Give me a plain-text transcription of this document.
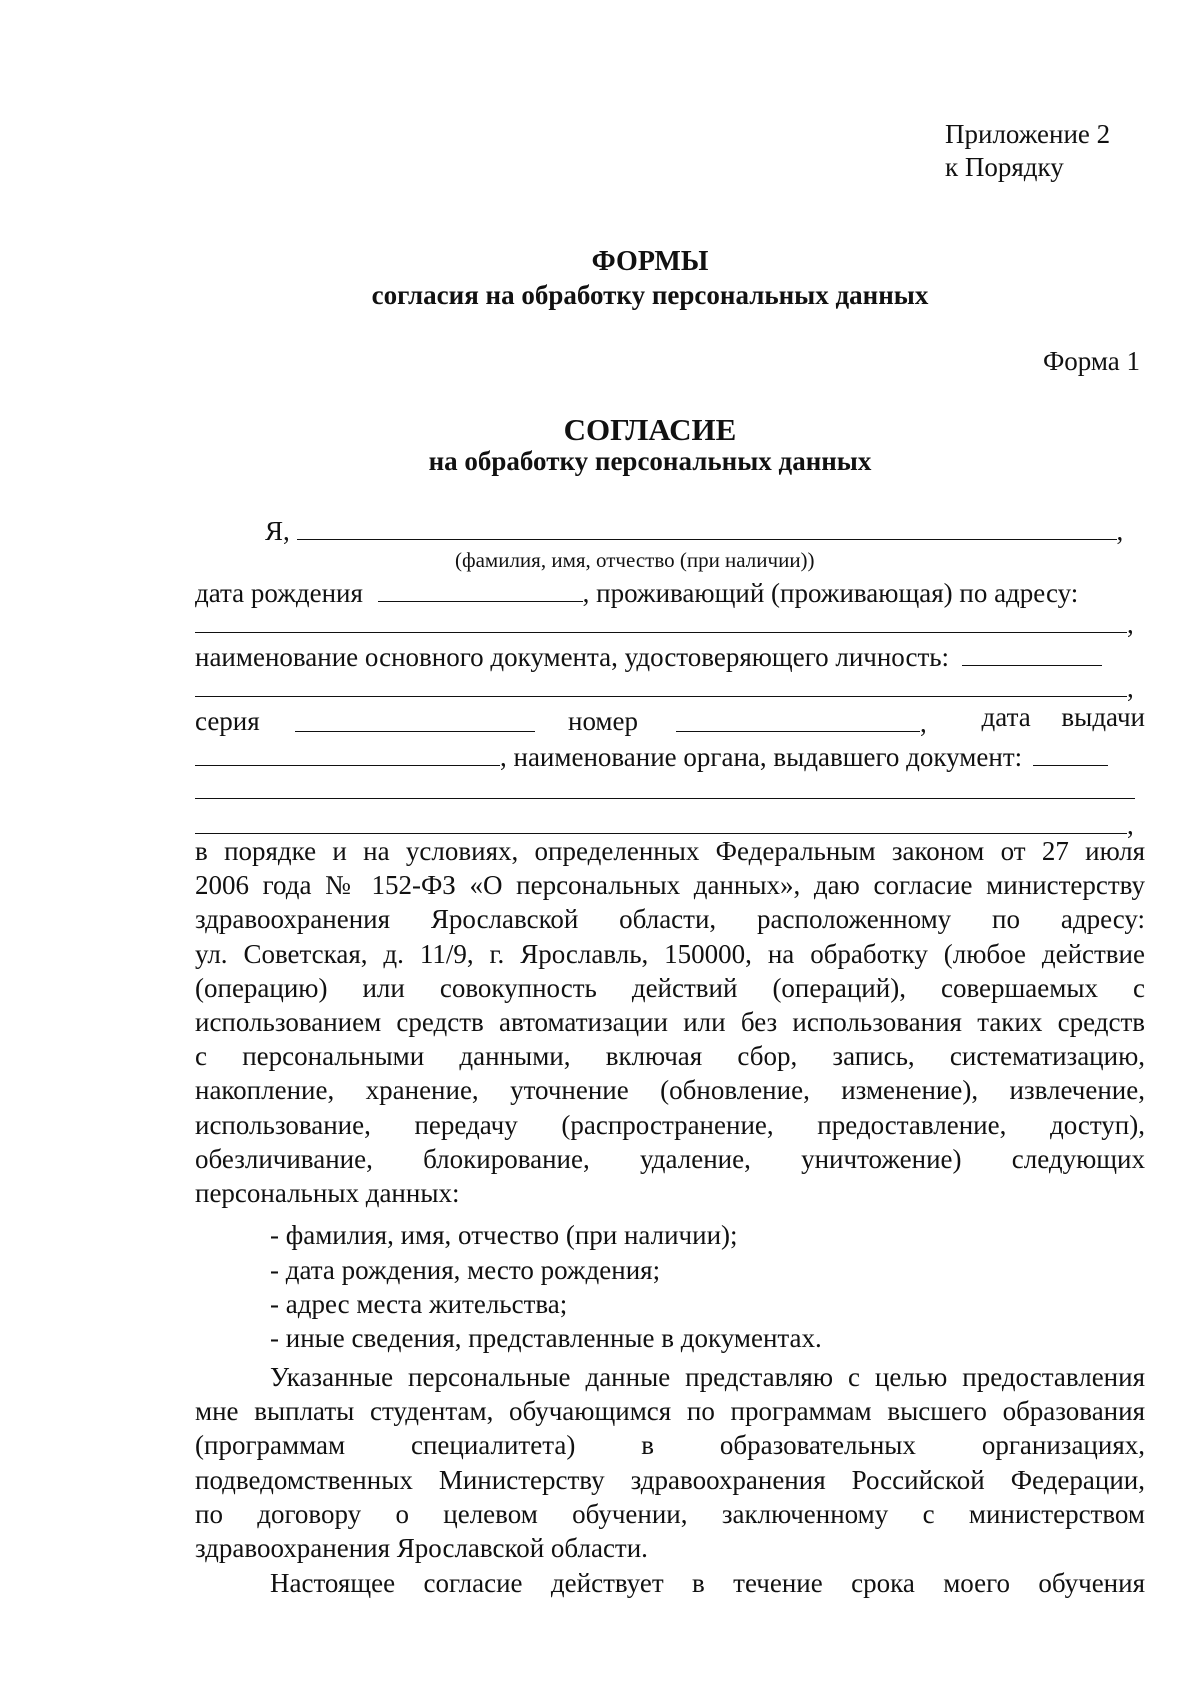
Приложение 2
к Порядку
ФОРМЫ
согласия на обработку персональных данных
Форма 1
СОГЛАСИЕ
на обработку персональных данных
Я,	,
(фамилия, имя, отчество (при наличии))
дата рождения	, проживающий (проживающая) по адресу:
,
наименование основного документа, удостоверяющего личность:
,
серия	номер	,	дата выдачи
, наименование органа, выдавшего документ:
,
в порядке и на условиях, определенных Федеральным законом от 27 июля
2006 года № 152-ФЗ «О персональных данных», даю согласие министерству
здравоохранения Ярославской области, расположенному по адресу:
ул. Советская, д. 11/9, г. Ярославль, 150000, на обработку (любое действие
(операцию) или совокупность действий (операций), совершаемых с
использованием средств автоматизации или без использования таких средств
с персональными данными, включая сбор, запись, систематизацию,
накопление, хранение, уточнение (обновление, изменение), извлечение,
использование, передачу (распространение, предоставление, доступ),
обезличивание, блокирование, удаление, уничтожение) следующих
персональных данных:
- фамилия, имя, отчество (при наличии);
- дата рождения, место рождения;
- адрес места жительства;
- иные сведения, представленные в документах.
Указанные персональные данные представляю с целью предоставления
мне выплаты студентам, обучающимся по программам высшего образования
(программам специалитета) в образовательных организациях,
подведомственных Министерству здравоохранения Российской Федерации,
по договору о целевом обучении, заключенному с министерством
здравоохранения Ярославской области.
Настоящее согласие действует в течение срока моего обучения
